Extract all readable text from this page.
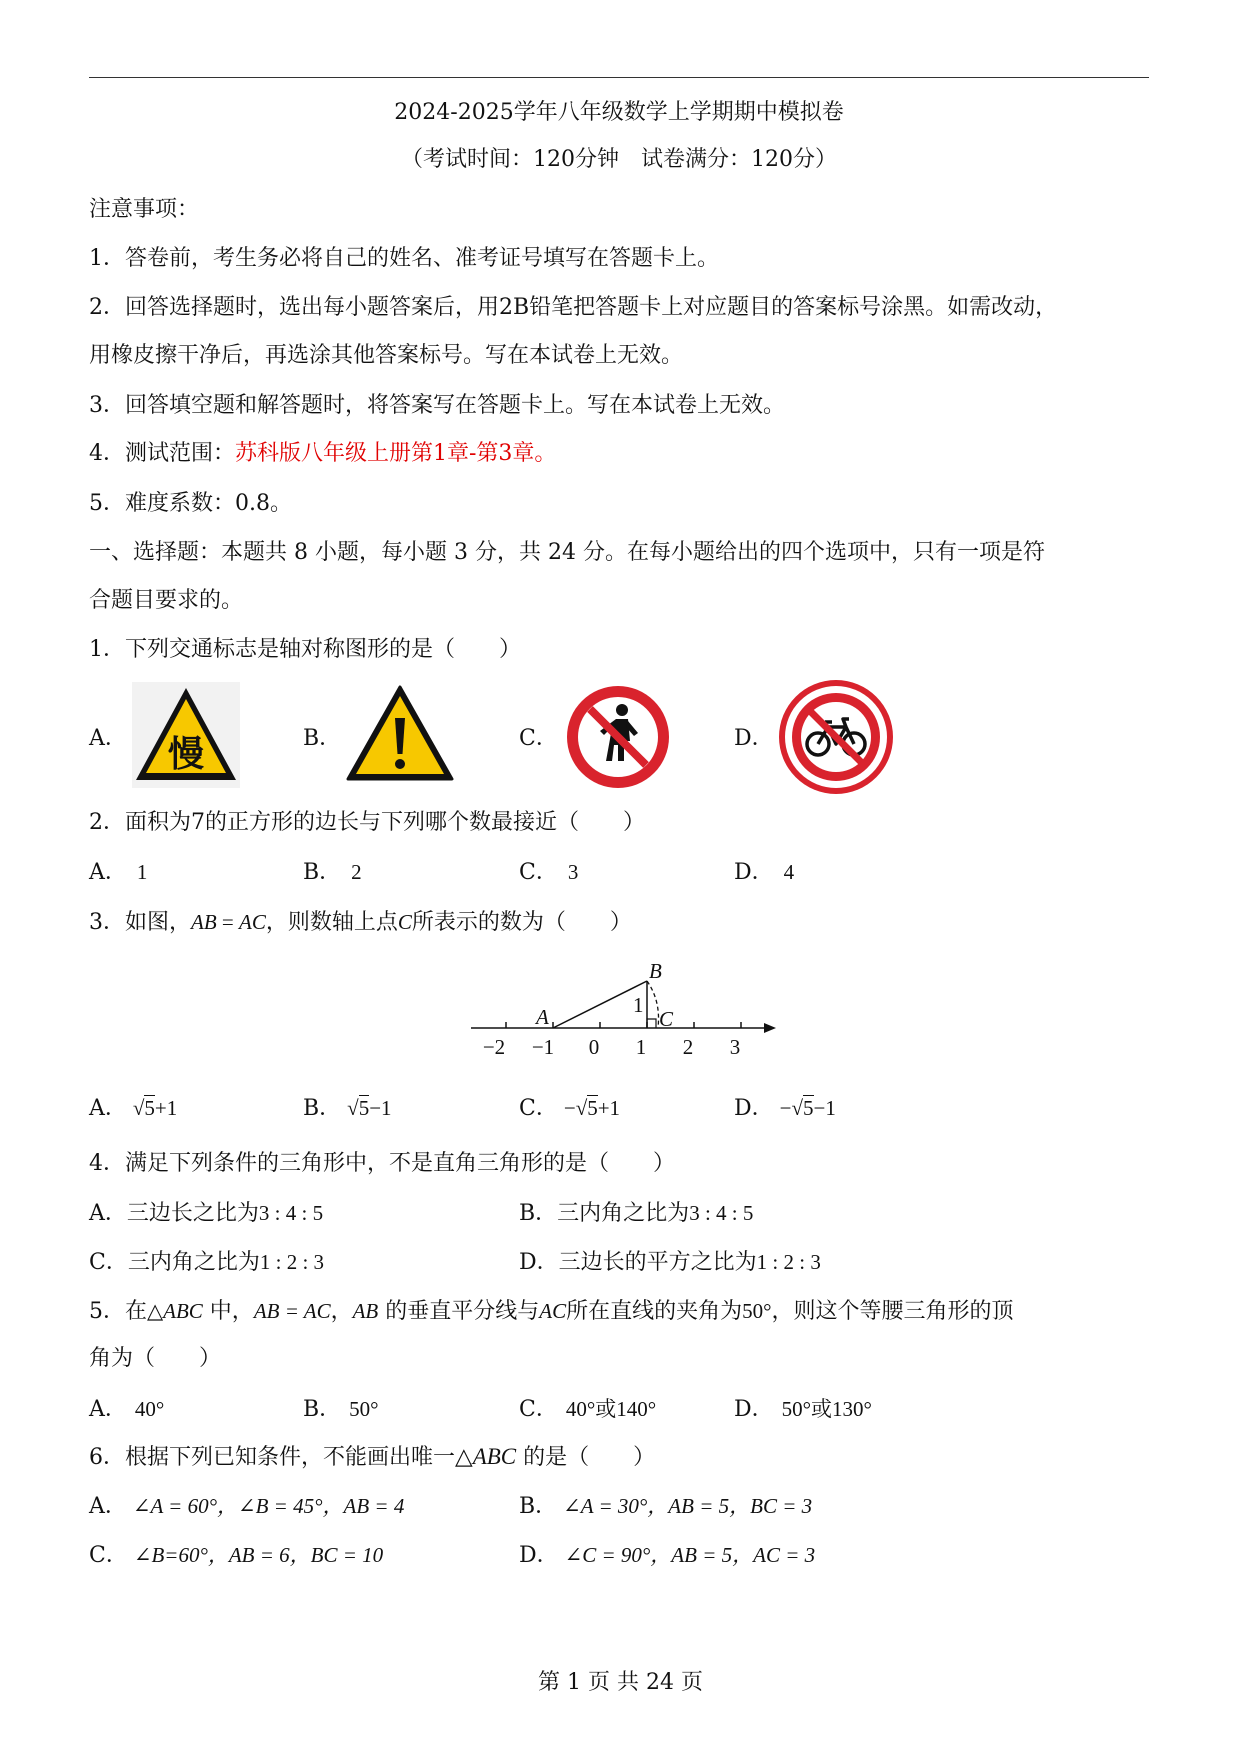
2024-2025学年八年级数学上学期期中模拟卷
（考试时间：120分钟　试卷满分：120分）
注意事项：
1．答卷前，考生务必将自己的姓名、准考证号填写在答题卡上。
2．回答选择题时，选出每小题答案后，用2B铅笔把答题卡上对应题目的答案标号涂黑。如需改动，
用橡皮擦干净后，再选涂其他答案标号。写在本试卷上无效。
3．回答填空题和解答题时，将答案写在答题卡上。写在本试卷上无效。
4．测试范围：苏科版八年级上册第1章-第3章。
5．难度系数：0.8。
一、选择题：本题共 8 小题，每小题 3 分，共 24 分。在每小题给出的四个选项中，只有一项是符
合题目要求的。
1．下列交通标志是轴对称图形的是（　　）
A． 慢	B．	C．	D．
2．面积为7的正方形的边长与下列哪个数最接近（　　）
A． 1	B． 2	C． 3	D． 4
3．如图，AB = AC，则数轴上点C所表示的数为（　　）
−2 −1 0 1 2 3
A
B
C
1
A． √5+1	B． √5−1	C． −√5+1	D． −√5−1
4．满足下列条件的三角形中，不是直角三角形的是（　　）
A．三边长之比为3 : 4 : 5	B．三内角之比为3 : 4 : 5
C．三内角之比为1 : 2 : 3	D．三边长的平方之比为1 : 2 : 3
5．在△ABC 中，AB = AC，AB 的垂直平分线与AC所在直线的夹角为50°，则这个等腰三角形的顶
角为（　　）
A． 40°	B． 50°	C． 40°或140°	D． 50°或130°
6．根据下列已知条件，不能画出唯一△ABC 的是（　　）
A． ∠A = 60°，∠B = 45°，AB = 4	B． ∠A = 30°，AB = 5，BC = 3
C． ∠B=60°，AB = 6，BC = 10	D． ∠C = 90°，AB = 5，AC = 3
第 1 页 共 24 页
